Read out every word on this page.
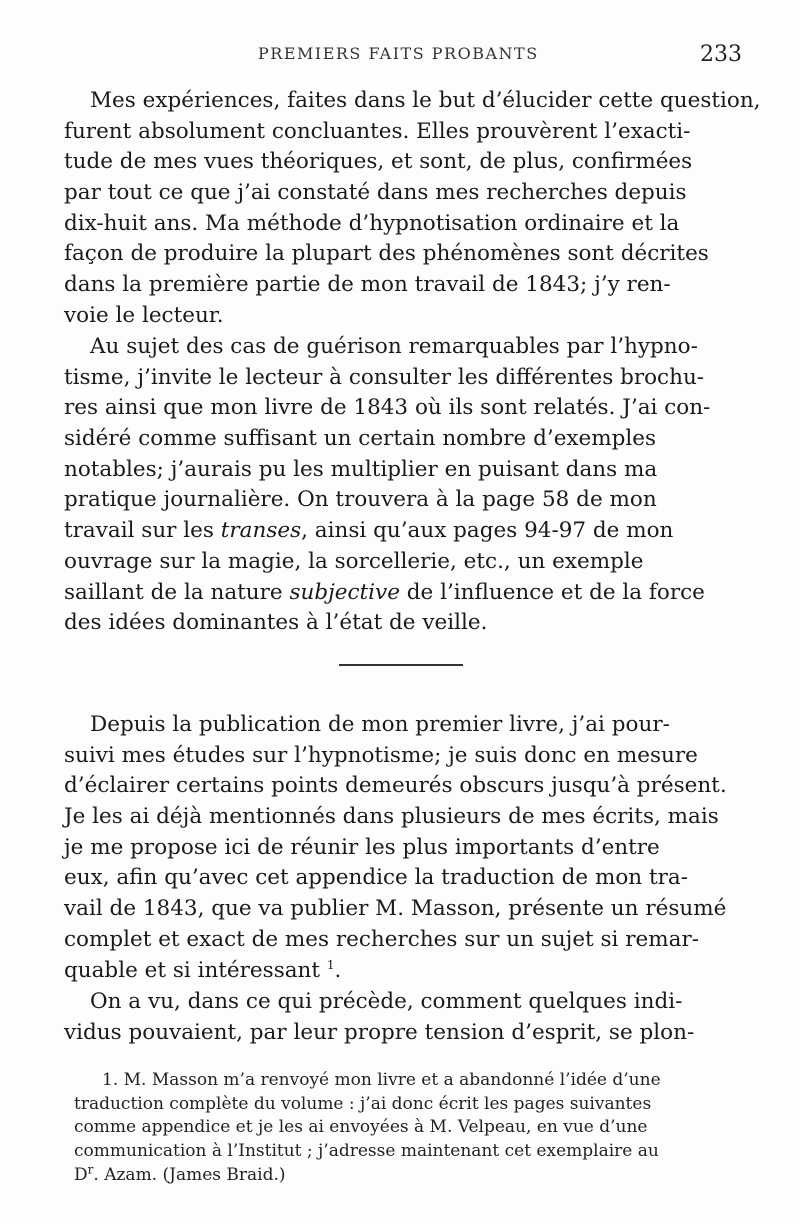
PREMIERS FAITS PROBANTS	233
Mes expériences, faites dans le but d’élucider cette question,
furent absolument concluantes. Elles prouvèrent l’exacti-
tude de mes vues théoriques, et sont, de plus, confirmées
par tout ce que j’ai constaté dans mes recherches depuis
dix-huit ans. Ma méthode d’hypnotisation ordinaire et la
façon de produire la plupart des phénomènes sont décrites
dans la première partie de mon travail de 1843; j’y ren-
voie le lecteur.
Au sujet des cas de guérison remarquables par l’hypno-
tisme, j’invite le lecteur à consulter les différentes brochu-
res ainsi que mon livre de 1843 où ils sont relatés. J’ai con-
sidéré comme suffisant un certain nombre d’exemples
notables; j’aurais pu les multiplier en puisant dans ma
pratique journalière. On trouvera à la page 58 de mon
travail sur les transes, ainsi qu’aux pages 94-97 de mon
ouvrage sur la magie, la sorcellerie, etc., un exemple
saillant de la nature subjective de l’influence et de la force
des idées dominantes à l’état de veille.
Depuis la publication de mon premier livre, j’ai pour-
suivi mes études sur l’hypnotisme; je suis donc en mesure
d’éclairer certains points demeurés obscurs jusqu’à présent.
Je les ai déjà mentionnés dans plusieurs de mes écrits, mais
je me propose ici de réunir les plus importants d’entre
eux, afin qu’avec cet appendice la traduction de mon tra-
vail de 1843, que va publier M. Masson, présente un résumé
complet et exact de mes recherches sur un sujet si remar-
quable et si intéressant $^1$.
On a vu, dans ce qui précède, comment quelques indi-
vidus pouvaient, par leur propre tension d’esprit, se plon-
1. M. Masson m’a renvoyé mon livre et a abandonné l’idée d’une
traduction complète du volume : j’ai donc écrit les pages suivantes
comme appendice et je les ai envoyées à M. Velpeau, en vue d’une
communication à l’Institut ; j’adresse maintenant cet exemplaire au
$D^r$. Azam. (James Braid.)
